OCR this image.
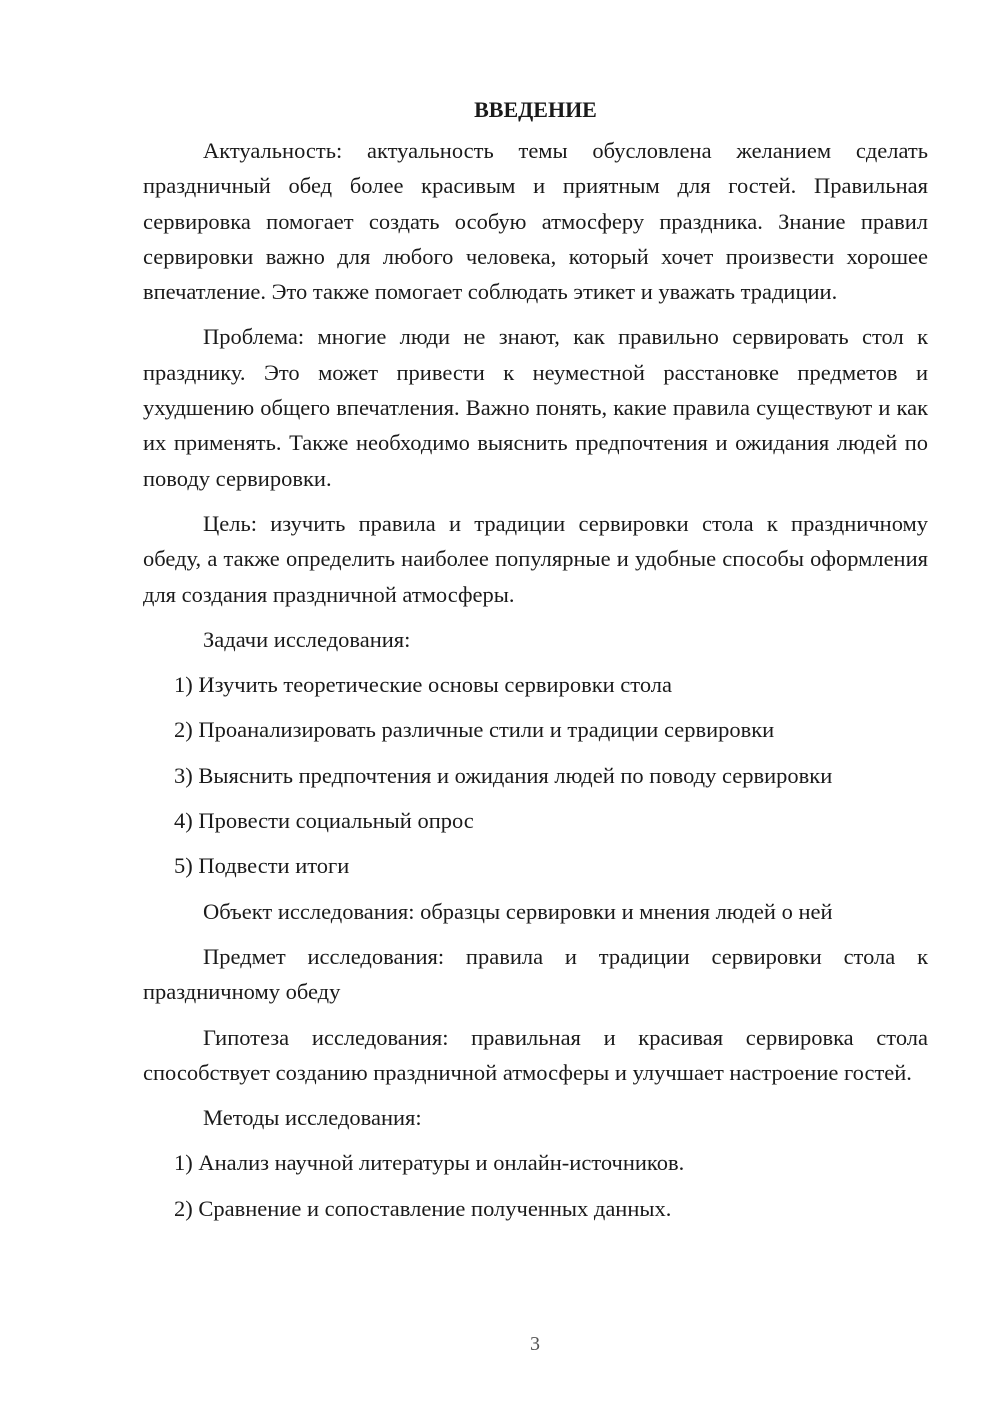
ВВЕДЕНИЕ

Актуальность: актуальность темы обусловлена желанием сделать праздничный обед более красивым и приятным для гостей. Правильная сервировка помогает создать особую атмосферу праздника. Знание правил сервировки важно для любого человека, который хочет произвести хорошее впечатление. Это также помогает соблюдать этикет и уважать традиции.

Проблема: многие люди не знают, как правильно сервировать стол к празднику. Это может привести к неуместной расстановке предметов и ухудшению общего впечатления. Важно понять, какие правила существуют и как их применять. Также необходимо выяснить предпочтения и ожидания людей по поводу сервировки.

Цель: изучить правила и традиции сервировки стола к праздничному обеду, а также определить наиболее популярные и удобные способы оформления для создания праздничной атмосферы.

Задачи исследования:

1) Изучить теоретические основы сервировки стола
2) Проанализировать различные стили и традиции сервировки
3) Выяснить предпочтения и ожидания людей по поводу сервировки
4) Провести социальный опрос
5) Подвести итоги

Объект исследования: образцы сервировки и мнения людей о ней

Предмет исследования: правила и традиции сервировки стола к праздничному обеду

Гипотеза исследования: правильная и красивая сервировка стола способствует созданию праздничной атмосферы и улучшает настроение гостей.

Методы исследования:

1) Анализ научной литературы и онлайн-источников.
2) Сравнение и сопоставление полученных данных.
3
